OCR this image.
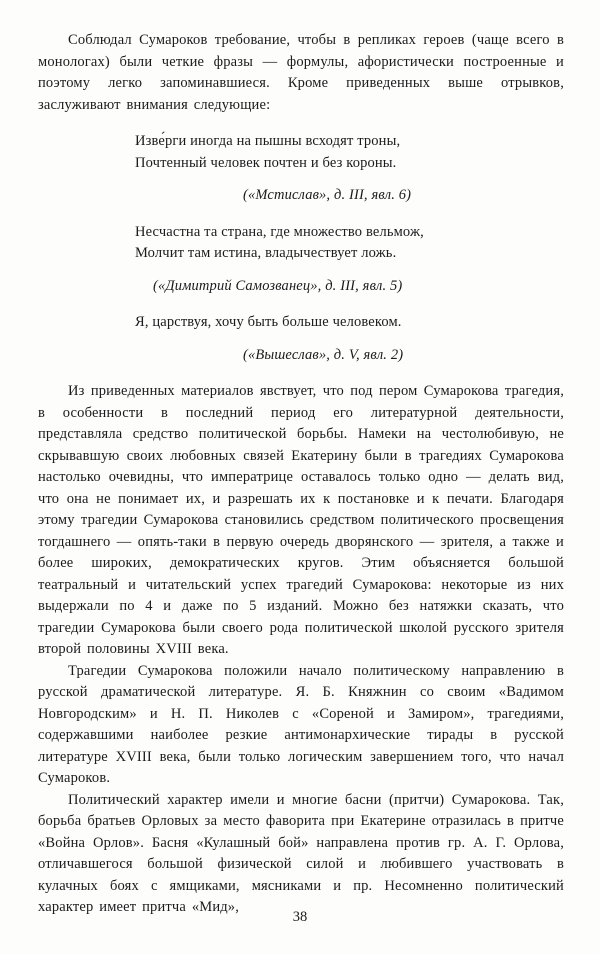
Соблюдал Сумароков требование, чтобы в репликах героев (чаще всего в монологах) были четкие фразы — формулы, афористически построенные и поэтому легко запоминавшиеся. Кроме приведенных выше отрывков, заслуживают внимания следующие:

Изве́рги иногда на пышны всходят троны,
Почтенный человек почтен и без короны.
(«Мстислав», д. III, явл. 6)
Несчастна та страна, где множество вельмож,
Молчит там истина, владычествует ложь.
(«Димитрий Самозванец», д. III, явл. 5)
Я, царствуя, хочу быть больше человеком.
(«Вышеслав», д. V, явл. 2)

Из приведенных материалов явствует, что под пером Сумарокова трагедия, в особенности в последний период его литературной деятельности, представляла средство политической борьбы. Намеки на честолюбивую, не скрывавшую своих любовных связей Екатерину были в трагедиях Сумарокова настолько очевидны, что императрице оставалось только одно — делать вид, что она не понимает их, и разрешать их к постановке и к печати. Благодаря этому трагедии Сумарокова становились средством политического просвещения тогдашнего — опять-таки в первую очередь дворянского — зрителя, а также и более широких, демократических кругов. Этим объясняется большой театральный и читательский успех трагедий Сумарокова: некоторые из них выдержали по 4 и даже по 5 изданий. Можно без натяжки сказать, что трагедии Сумарокова были своего рода политической школой русского зрителя второй половины XVIII века.

Трагедии Сумарокова положили начало политическому направлению в русской драматической литературе. Я. Б. Княжнин со своим «Вадимом Новгородским» и Н. П. Николев с «Сореной и Замиром», трагедиями, содержавшими наиболее резкие антимонархические тирады в русской литературе XVIII века, были только логическим завершением того, что начал Сумароков.

Политический характер имели и многие басни (притчи) Сумарокова. Так, борьба братьев Орловых за место фаворита при Екатерине отразилась в притче «Война Орлов». Басня «Кулашный бой» направлена против гр. А. Г. Орлова, отличавшегося большой физической силой и любившего участвовать в кулачных боях с ямщиками, мясниками и пр. Несомненно политический характер имеет притча «Мид»,

38
